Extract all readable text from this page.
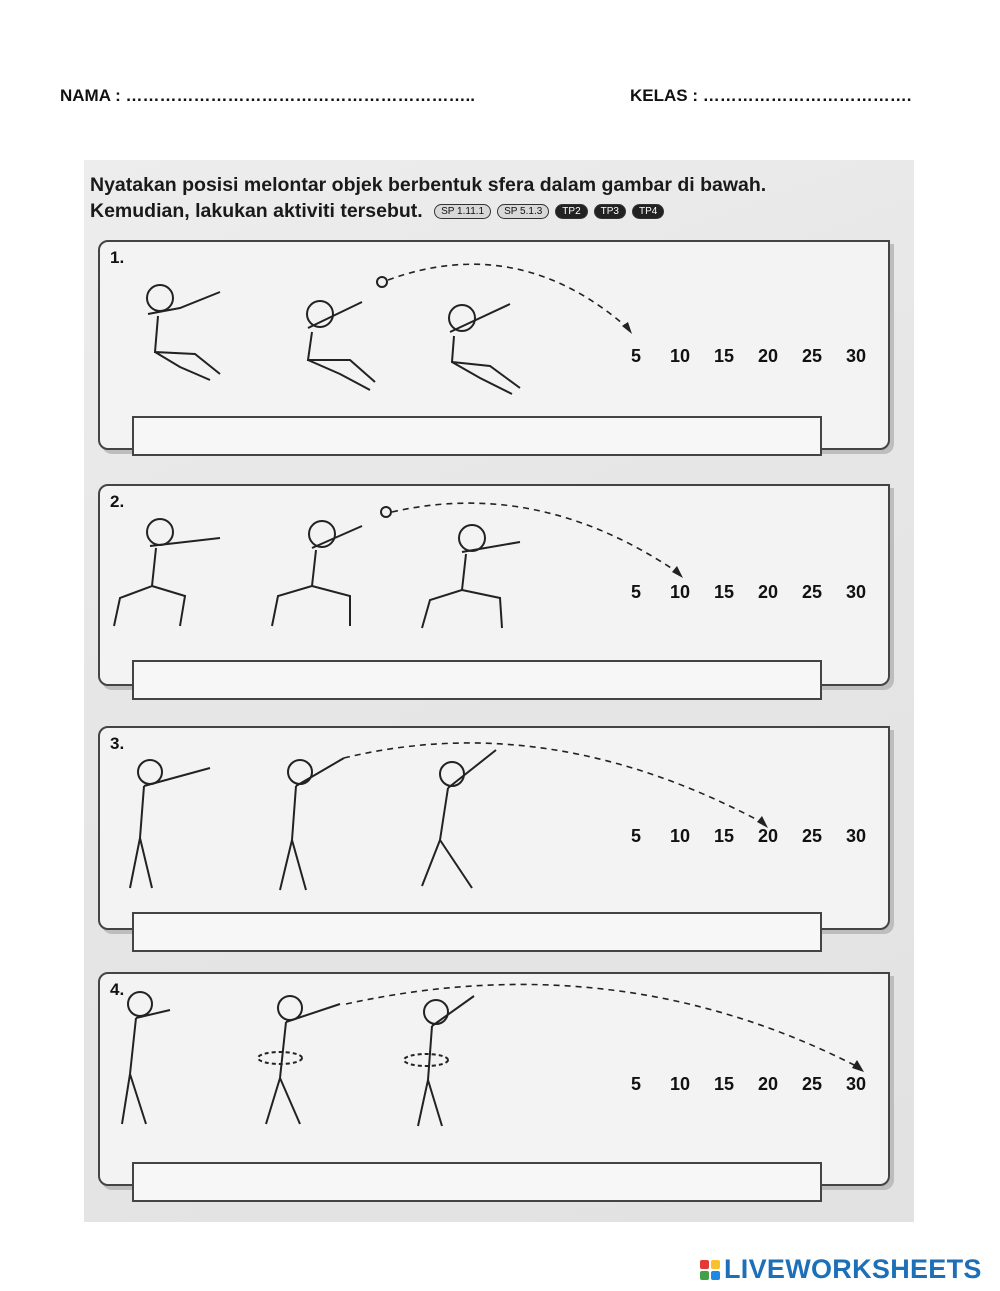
NAMA : ……………………………………………………..	KELAS : ……………………………….
Nyatakan posisi melontar objek berbentuk sfera dalam gambar di bawah.
Kemudian, lakukan aktiviti tersebut.	SP 1.11.1	SP 5.1.3	TP2	TP3	TP4
1.
5	10	15	20	25	30
2.
5	10	15	20	25	30
3.
5	10	15	20	25	30
4.
5	10	15	20	25	30
LIVEWORKSHEETS
